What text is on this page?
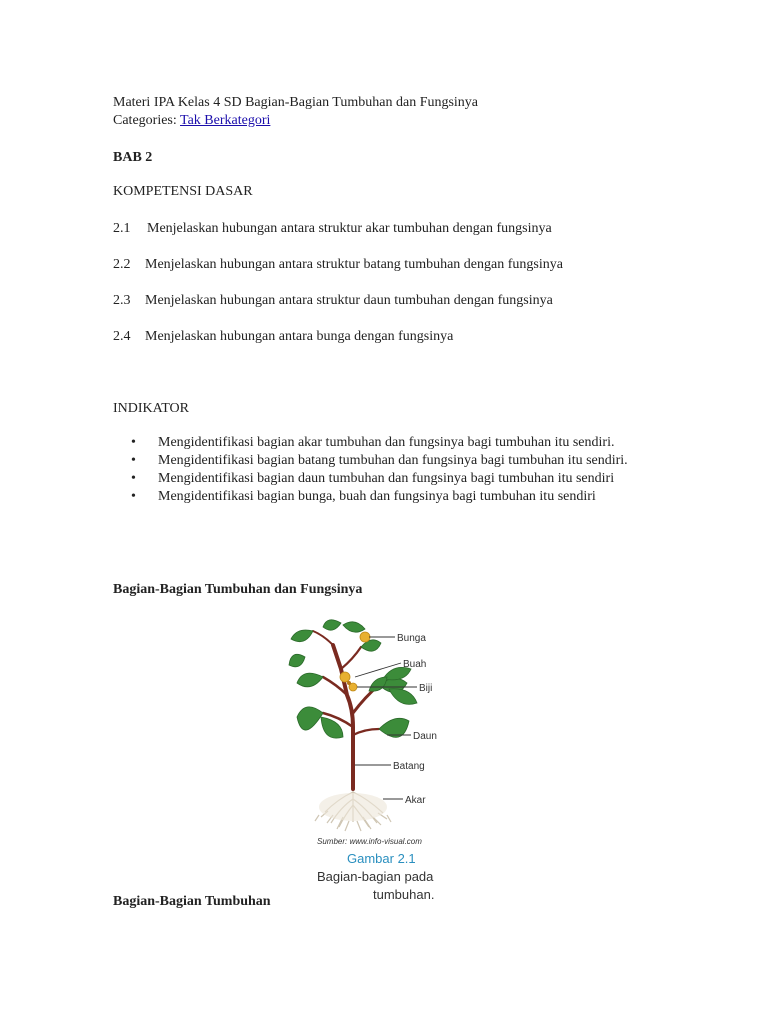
Materi IPA Kelas 4 SD Bagian-Bagian Tumbuhan dan Fungsinya
Categories: Tak Berkategori
BAB 2
KOMPETENSI DASAR
2.1 Menjelaskan hubungan antara struktur akar tumbuhan dengan fungsinya
2.2 Menjelaskan hubungan antara struktur batang tumbuhan dengan fungsinya
2.3 Menjelaskan hubungan antara struktur daun tumbuhan dengan fungsinya
2.4 Menjelaskan hubungan antara bunga dengan fungsinya
INDIKATOR
• Mengidentifikasi bagian akar tumbuhan dan fungsinya bagi tumbuhan itu sendiri.
• Mengidentifikasi bagian batang tumbuhan dan fungsinya bagi tumbuhan itu sendiri.
• Mengidentifikasi bagian daun tumbuhan dan fungsinya bagi tumbuhan itu sendiri
• Mengidentifikasi bagian bunga, buah dan fungsinya bagi tumbuhan itu sendiri
Bagian-Bagian Tumbuhan dan Fungsinya
Bunga
Buah
Biji
Daun
Batang
Akar
Sumber: www.info-visual.com
Gambar 2.1
Bagian-bagian pada
tumbuhan.
Bagian-Bagian Tumbuhan
